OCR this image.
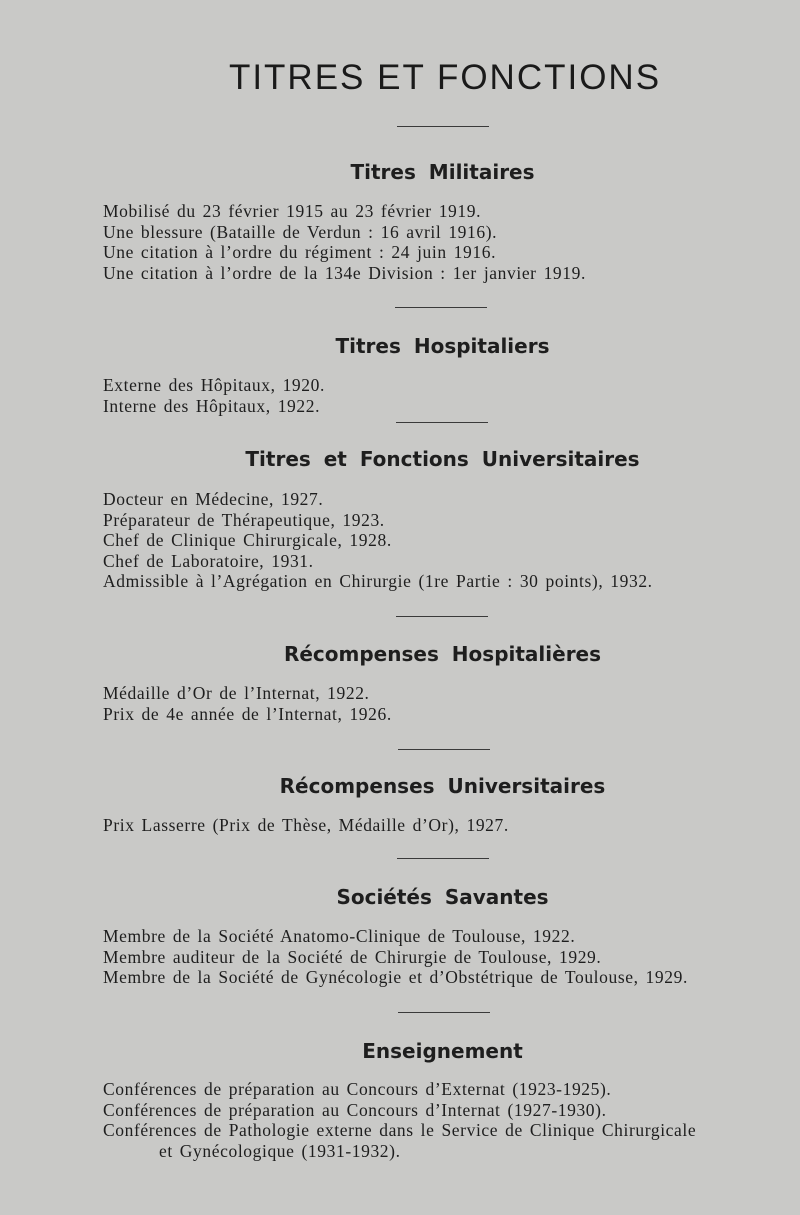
TITRES ET FONCTIONS
Titres Militaires
Mobilisé du 23 février 1915 au 23 février 1919.
Une blessure (Bataille de Verdun : 16 avril 1916).
Une citation à l’ordre du régiment : 24 juin 1916.
Une citation à l’ordre de la 134e Division : 1er janvier 1919.
Titres Hospitaliers
Externe des Hôpitaux, 1920.
Interne des Hôpitaux, 1922.
Titres et Fonctions Universitaires
Docteur en Médecine, 1927.
Préparateur de Thérapeutique, 1923.
Chef de Clinique Chirurgicale, 1928.
Chef de Laboratoire, 1931.
Admissible à l’Agrégation en Chirurgie (1re Partie : 30 points), 1932.
Récompenses Hospitalières
Médaille d’Or de l’Internat, 1922.
Prix de 4e année de l’Internat, 1926.
Récompenses Universitaires
Prix Lasserre (Prix de Thèse, Médaille d’Or), 1927.
Sociétés Savantes
Membre de la Société Anatomo-Clinique de Toulouse, 1922.
Membre auditeur de la Société de Chirurgie de Toulouse, 1929.
Membre de la Société de Gynécologie et d’Obstétrique de Toulouse, 1929.
Enseignement
Conférences de préparation au Concours d’Externat (1923-1925).
Conférences de préparation au Concours d’Internat (1927-1930).
Conférences de Pathologie externe dans le Service de Clinique Chirurgicale
et Gynécologique (1931-1932).
